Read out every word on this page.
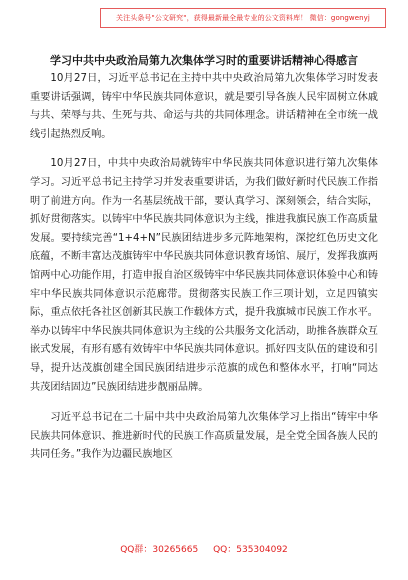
关注头条号"公文研究"，获得最新最全最专业的公文资料库！ 微信：gongwenyj
学习中共中央政治局第九次集体学习时的重要讲话精神心得感言

10月27日，习近平总书记在主持中共中央政治局第九次集体学习时发表重要讲话强调，铸牢中华民族共同体意识，就是要引导各族人民牢固树立休戚与共、荣辱与共、生死与共、命运与共的共同体理念。讲话精神在全市统一战线引起热烈反响。

10月27日，中共中央政治局就铸牢中华民族共同体意识进行第九次集体学习。习近平总书记主持学习并发表重要讲话，为我们做好新时代民族工作指明了前进方向。作为一名基层统战干部，要认真学习、深刻领会，结合实际，抓好贯彻落实。以铸牢中华民族共同体意识为主线，推进我旗民族工作高质量发展。要持续完善“1+4+N”民族团结进步多元阵地架构，深挖红色历史文化底蕴，不断丰富达茂旗铸牢中华民族共同体意识教育场馆、展厅，发挥我旗两馆两中心功能作用，打造申报自治区级铸牢中华民族共同体意识体验中心和铸牢中华民族共同体意识示范廊带。贯彻落实民族工作三项计划，立足四镇实际，重点依托各社区创新其民族工作载体方式，提升我旗城市民族工作水平。举办以铸牢中华民族共同体意识为主线的公共服务文化活动，助推各族群众互嵌式发展，有形有感有效铸牢中华民族共同体意识。抓好四支队伍的建设和引导，提升达茂旗创建全国民族团结进步示范旗的成色和整体水平，打响“同达共茂团结固边”民族团结进步靓丽品牌。

习近平总书记在二十届中共中央政治局第九次集体学习上指出“铸牢中华民族共同体意识、推进新时代的民族工作高质量发展，是全党全国各族人民的共同任务。”我作为边疆民族地区

QQ群：30265665 QQ：535304092
